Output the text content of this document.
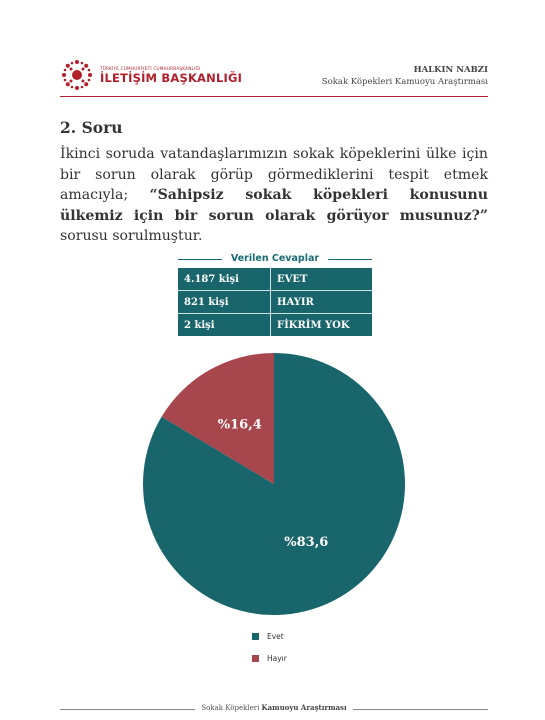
TÜRKİYE CUMHURİYETİ CUMHURBAŞKANLIĞI
İLETİŞİM BAŞKANLIĞI
HALKIN NABZI
Sokak Köpekleri Kamuoyu Araştırması
2. Soru
İkinci soruda vatandaşlarımızın sokak köpeklerini ülke için bir sorun olarak görüp görmediklerini tespit etmek amacıyla; “Sahipsiz sokak köpekleri konusunu ülkemiz için bir sorun olarak görüyor musunuz?” sorusu sorulmuştur.
Verilen Cevaplar
4.187 kişi	EVET
821 kişi	HAYIR
2 kişi	FİKRİM YOK
%83,6
%16,4
Evet
Hayır
Sokak Köpekleri Kamuoyu Araştırması
